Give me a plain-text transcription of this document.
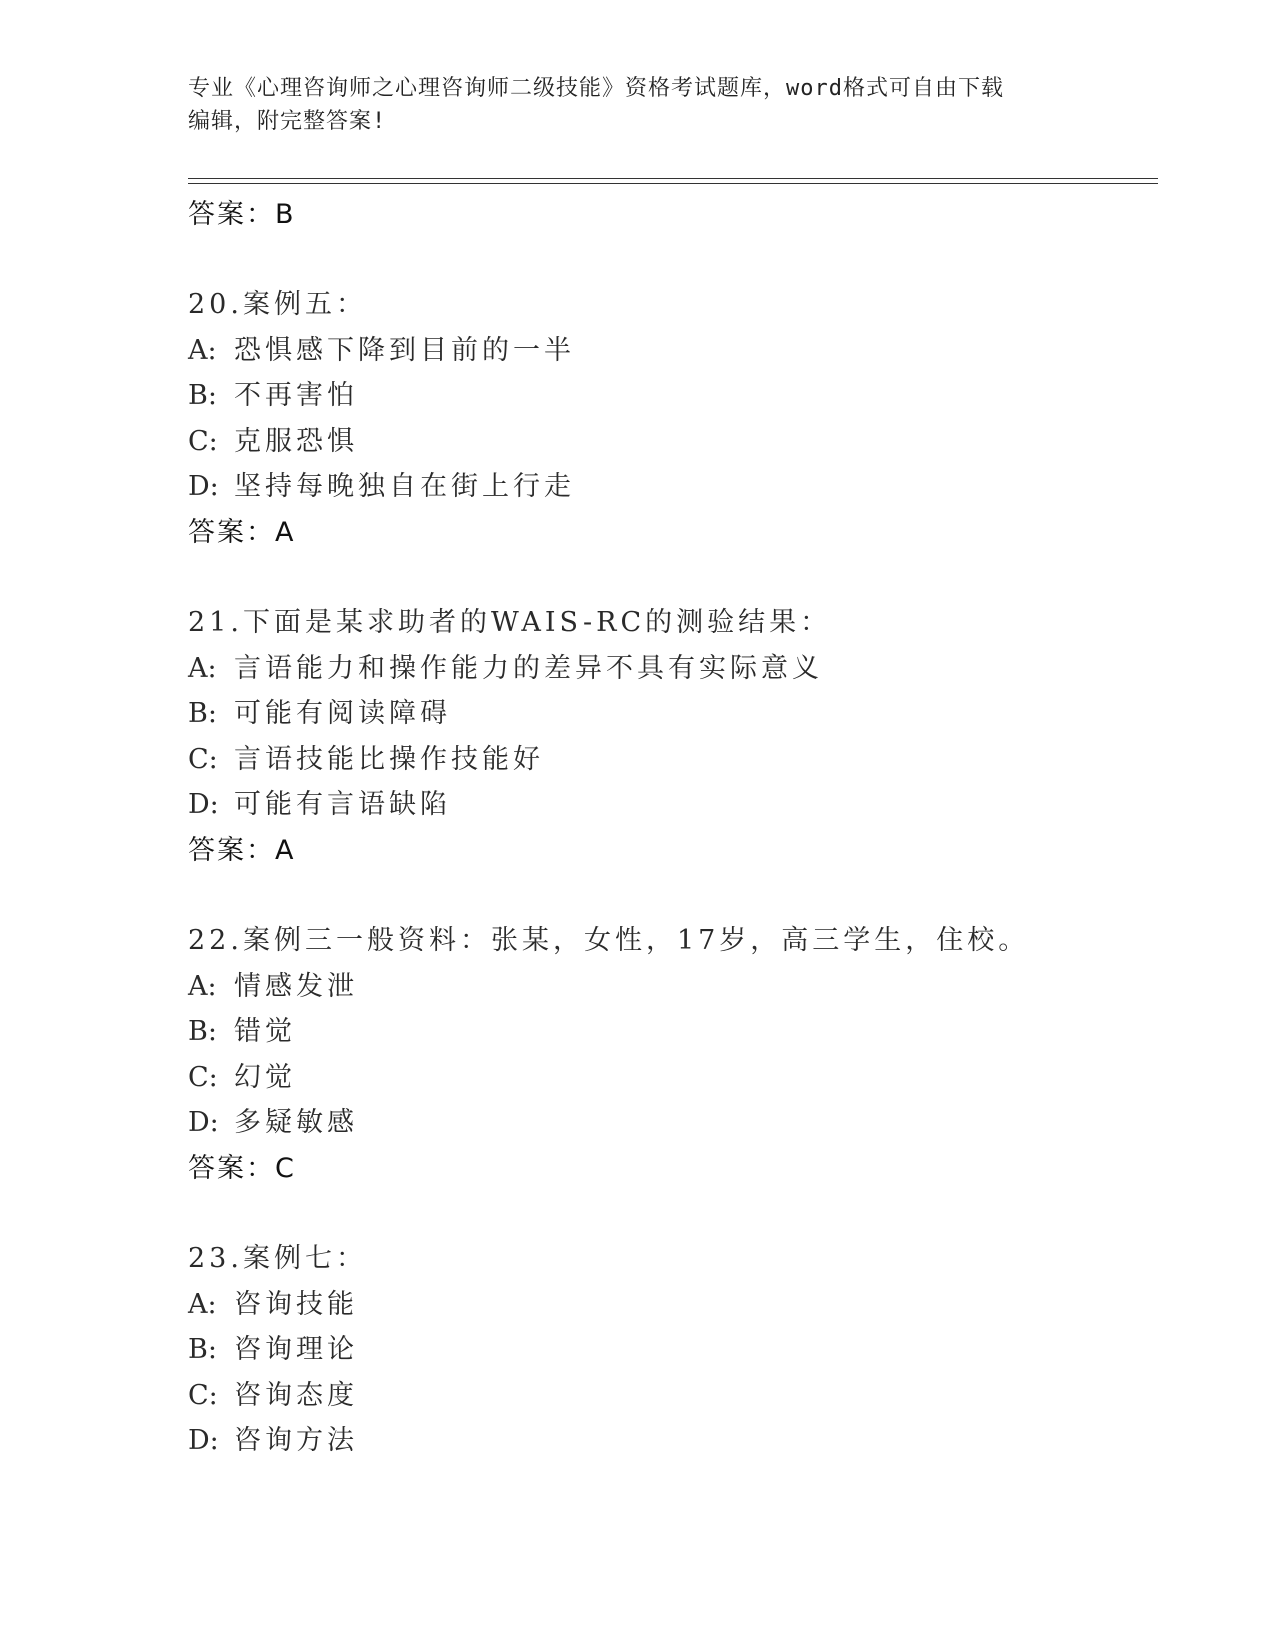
专业《心理咨询师之心理咨询师二级技能》资格考试题库，word格式可自由下载
编辑，附完整答案!
答案：B
20.案例五：
A: 恐惧感下降到目前的一半
B: 不再害怕
C: 克服恐惧
D: 坚持每晚独自在街上行走
答案：A
21.下面是某求助者的WAIS-RC的测验结果：
A: 言语能力和操作能力的差异不具有实际意义
B: 可能有阅读障碍
C: 言语技能比操作技能好
D: 可能有言语缺陷
答案：A
22.案例三一般资料：张某，女性，17岁，高三学生，住校。
A: 情感发泄
B: 错觉
C: 幻觉
D: 多疑敏感
答案：C
23.案例七：
A: 咨询技能
B: 咨询理论
C: 咨询态度
D: 咨询方法
